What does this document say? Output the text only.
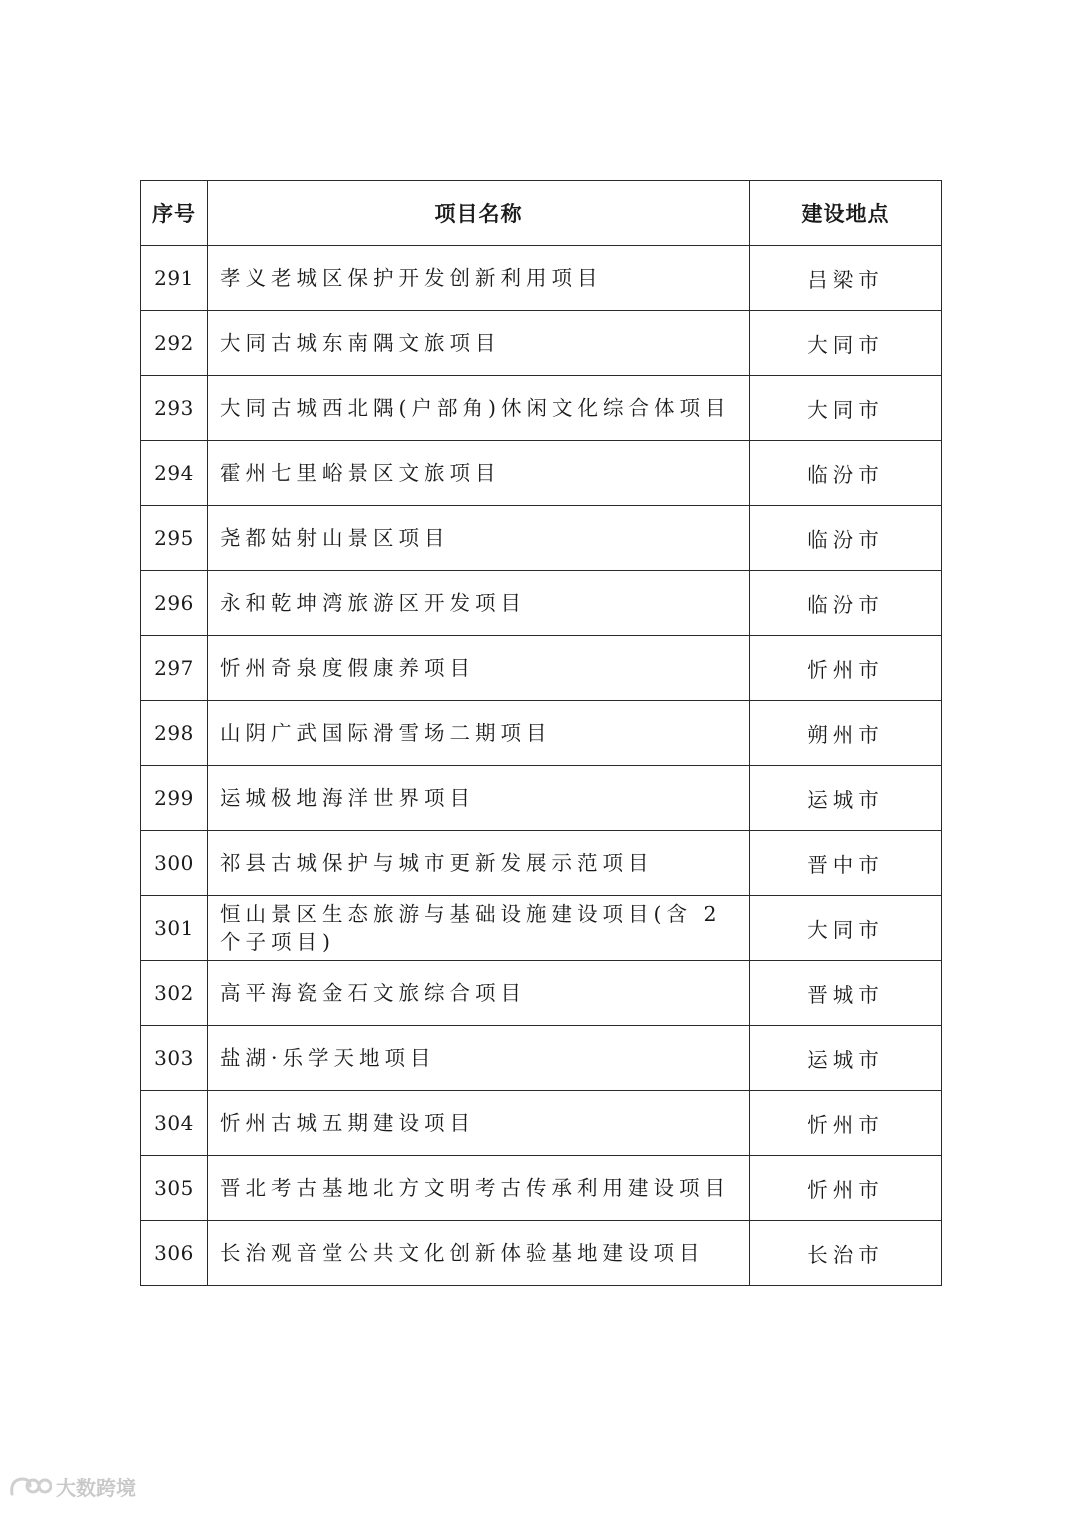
序号	项目名称	建设地点
291	孝义老城区保护开发创新利用项目	吕梁市
292	大同古城东南隅文旅项目	大同市
293	大同古城西北隅(户部角)休闲文化综合体项目	大同市
294	霍州七里峪景区文旅项目	临汾市
295	尧都姑射山景区项目	临汾市
296	永和乾坤湾旅游区开发项目	临汾市
297	忻州奇泉度假康养项目	忻州市
298	山阴广武国际滑雪场二期项目	朔州市
299	运城极地海洋世界项目	运城市
300	祁县古城保护与城市更新发展示范项目	晋中市
301	恒山景区生态旅游与基础设施建设项目(含 2 个子项目)	大同市
302	高平海瓷金石文旅综合项目	晋城市
303	盐湖·乐学天地项目	运城市
304	忻州古城五期建设项目	忻州市
305	晋北考古基地北方文明考古传承利用建设项目	忻州市
306	长治观音堂公共文化创新体验基地建设项目	长治市
大数跨境
